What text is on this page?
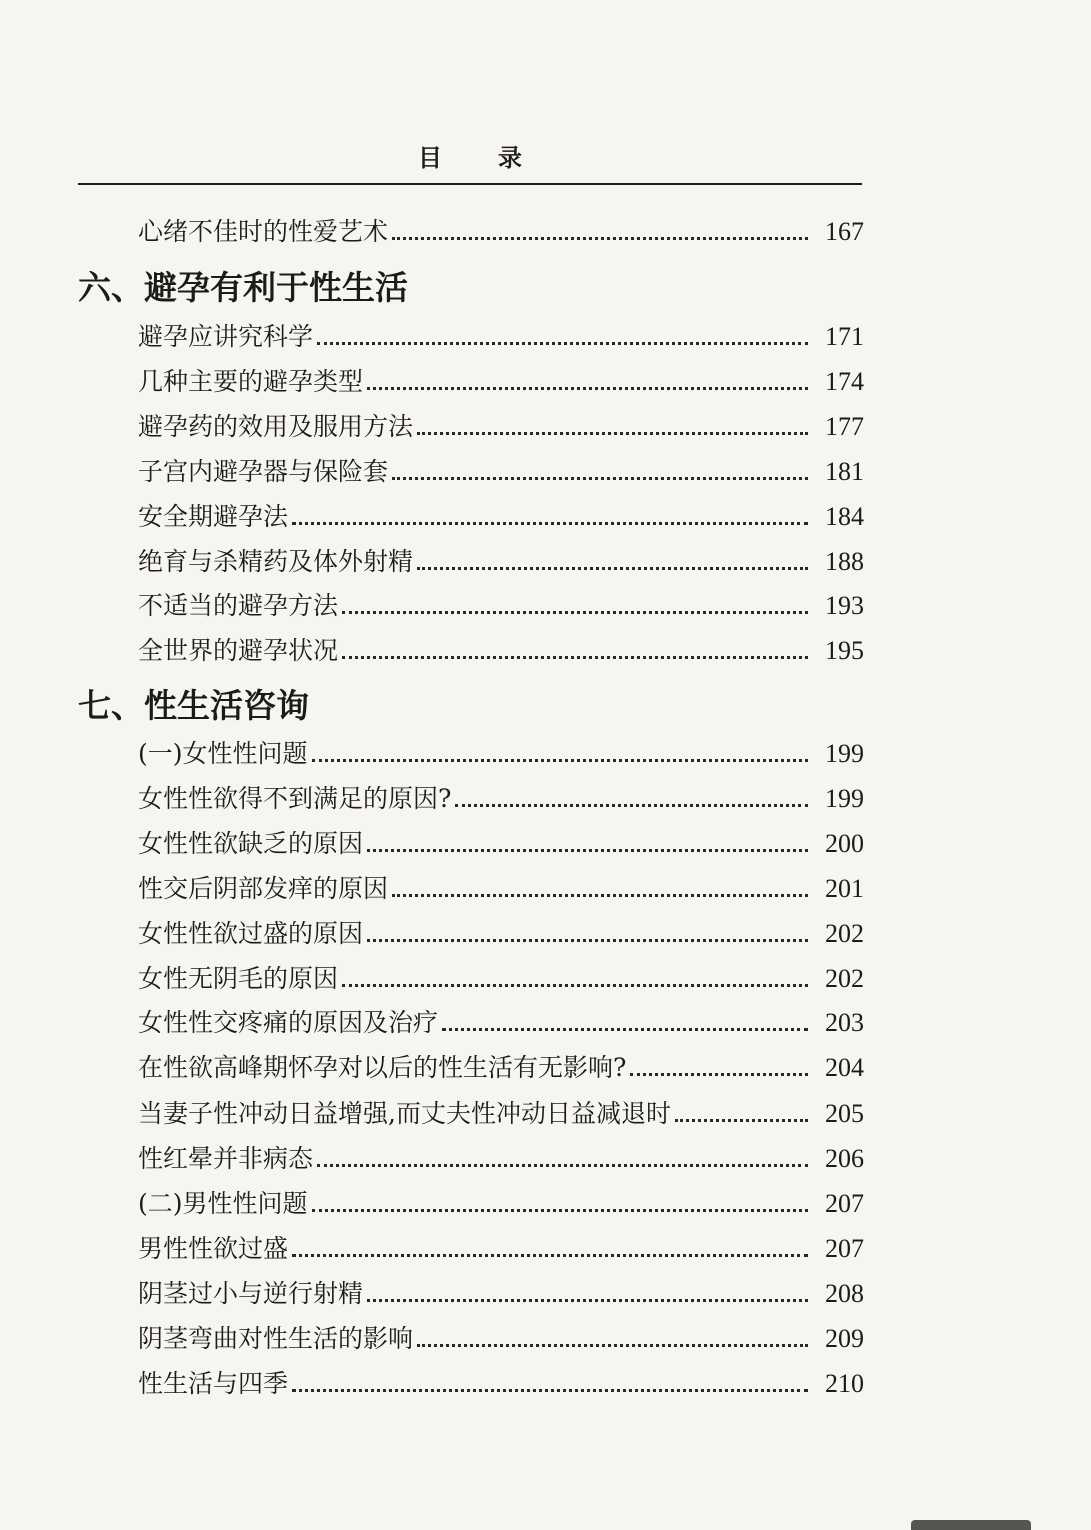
目录
心绪不佳时的性爱艺术	167
六、避孕有利于性生活
避孕应讲究科学	171
几种主要的避孕类型	174
避孕药的效用及服用方法	177
子宫内避孕器与保险套	181
安全期避孕法	184
绝育与杀精药及体外射精	188
不适当的避孕方法	193
全世界的避孕状况	195
七、性生活咨询
(一)女性性问题	199
女性性欲得不到满足的原因?	199
女性性欲缺乏的原因	200
性交后阴部发痒的原因	201
女性性欲过盛的原因	202
女性无阴毛的原因	202
女性性交疼痛的原因及治疗	203
在性欲高峰期怀孕对以后的性生活有无影响?	204
当妻子性冲动日益增强,而丈夫性冲动日益减退时	205
性红晕并非病态	206
(二)男性性问题	207
男性性欲过盛	207
阴茎过小与逆行射精	208
阴茎弯曲对性生活的影响	209
性生活与四季	210
